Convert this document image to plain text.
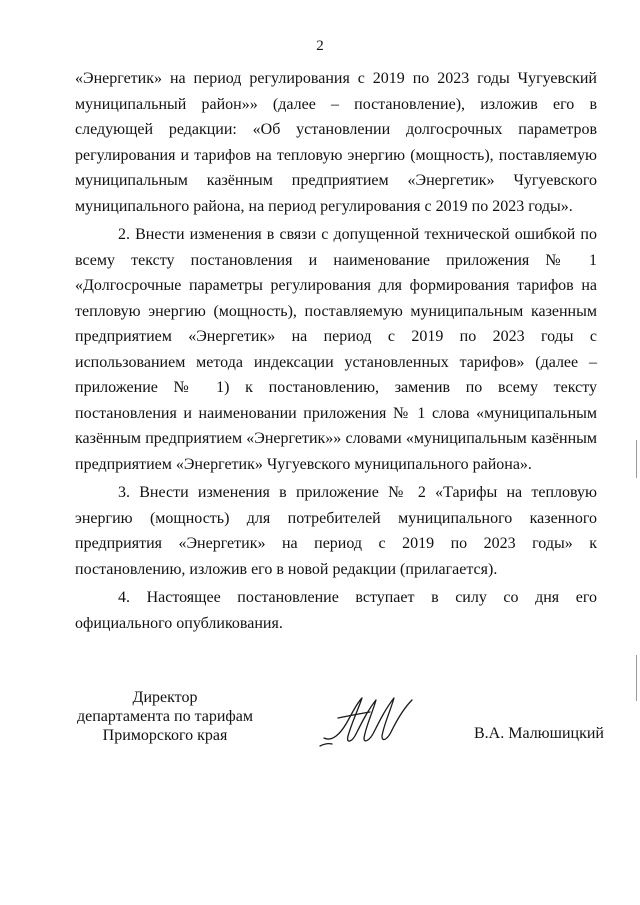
2

«Энергетик» на период регулирования с 2019 по 2023 годы Чугуевский муниципальный район»» (далее – постановление), изложив его в следующей редакции: «Об установлении долгосрочных параметров регулирования и тарифов на тепловую энергию (мощность), поставляемую муниципальным казённым предприятием «Энергетик» Чугуевского муниципального района, на период регулирования с 2019 по 2023 годы».

2. Внести изменения в связи с допущенной технической ошибкой по всему тексту постановления и наименование приложения № 1 «Долгосрочные параметры регулирования для формирования тарифов на тепловую энергию (мощность), поставляемую муниципальным казенным предприятием «Энергетик» на период с 2019 по 2023 годы с использованием метода индексации установленных тарифов» (далее – приложение № 1) к постановлению, заменив по всему тексту постановления и наименовании приложения № 1 слова «муниципальным казённым предприятием «Энергетик»» словами «муниципальным казённым предприятием «Энергетик» Чугуевского муниципального района».

3. Внести изменения в приложение № 2 «Тарифы на тепловую энергию (мощность) для потребителей муниципального казенного предприятия «Энергетик» на период с 2019 по 2023 годы» к постановлению, изложив его в новой редакции (прилагается).

4. Настоящее постановление вступает в силу со дня его официального опубликования.

Директор
департамента по тарифам
Приморского края	В.А. Малюшицкий
